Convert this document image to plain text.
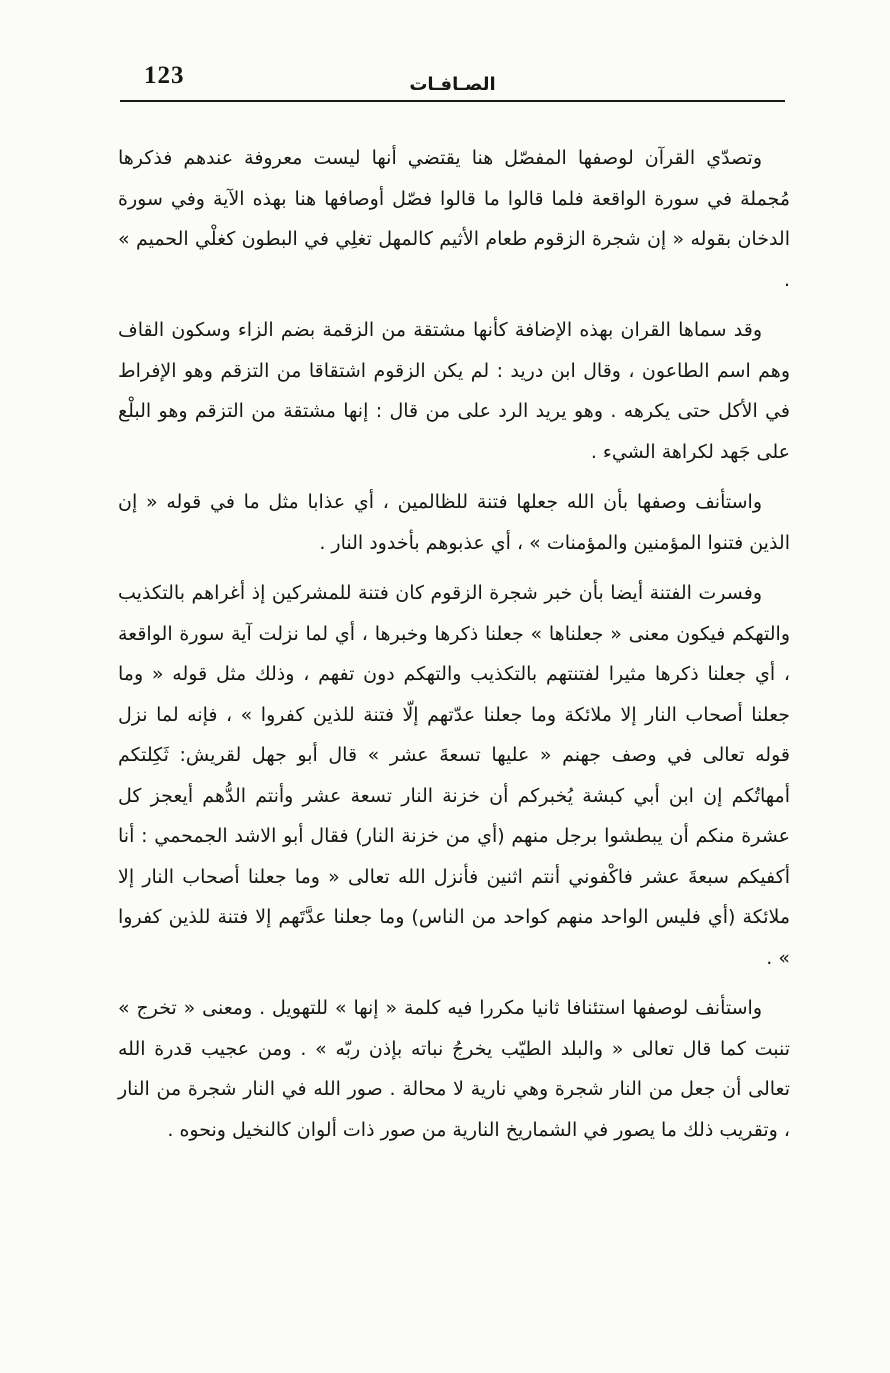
123	الصـافـات

وتصدّي القرآن لوصفها المفصّل هنا يقتضي أنها ليست معروفة عندهم فذكرها مُجملة في سورة الواقعة فلما قالوا ما قالوا فصّل أوصافها هنا بهذه الآية وفي سورة الدخان بقوله « إن شجرة الزقوم طعام الأثيم كالمهل تغلِي في البطون كغلْي الحميم » .

وقد سماها القران بهذه الإضافة كأنها مشتقة من الزقمة بضم الزاء وسكون القاف وهم اسم الطاعون ، وقال ابن دريد : لم يكن الزقوم اشتقاقا من التزقم وهو الإفراط في الأكل حتى يكرهه . وهو يريد الرد على من قال : إنها مشتقة من التزقم وهو البلْع على جَهد لكراهة الشيء .

واستأنف وصفها بأن الله جعلها فتنة للظالمين ، أي عذابا مثل ما في قوله « إن الذين فتنوا المؤمنين والمؤمنات » ، أي عذبوهم بأخدود النار .

وفسرت الفتنة أيضا بأن خبر شجرة الزقوم كان فتنة للمشركين إذ أغراهم بالتكذيب والتهكم فيكون معنى « جعلناها » جعلنا ذكرها وخبرها ، أي لما نزلت آية سورة الواقعة ، أي جعلنا ذكرها مثيرا لفتنتهم بالتكذيب والتهكم دون تفهم ، وذلك مثل قوله « وما جعلنا أصحاب النار إلا ملائكة وما جعلنا عدّتهم إلّا فتنة للذين كفروا » ، فإنه لما نزل قوله تعالى في وصف جهنم « عليها تسعةَ عشر » قال أبو جهل لقريش: ثَكِلتكم أمهاتُكم إن ابن أبي كبشة يُخبركم أن خزنة النار تسعة عشر وأنتم الدُّهم أيعجز كل عشرة منكم أن يبطشوا برجل منهم (أي من خزنة النار) فقال أبو الاشد الجمحمي : أنا أكفيكم سبعةَ عشر فاكْفوني أنتم اثنين فأنزل الله تعالى « وما جعلنا أصحاب النار إلا ملائكة (أي فليس الواحد منهم كواحد من الناس) وما جعلنا عدَّتَهم إلا فتنة للذين كفروا » .

واستأنف لوصفها استئنافا ثانيا مكررا فيه كلمة « إنها » للتهويل . ومعنى « تخرج » تنبت كما قال تعالى « والبلد الطيّب يخرجُ نباته بإذن ربّه » . ومن عجيب قدرة الله تعالى أن جعل من النار شجرة وهي نارية لا محالة . صور الله في النار شجرة من النار ، وتقريب ذلك ما يصور في الشماريخ النارية من صور ذات ألوان كالنخيل ونحوه .
